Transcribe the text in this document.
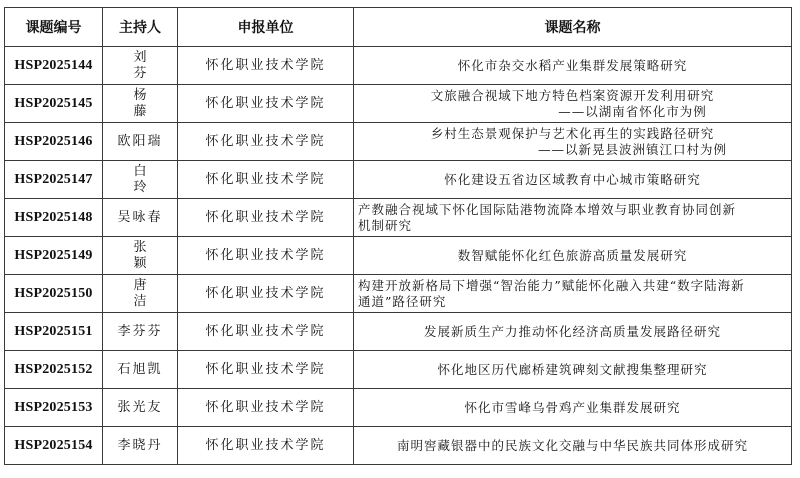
课题编号	主持人	申报单位	课题名称
HSP2025144	刘 芬	怀化职业技术学院	怀化市杂交水稻产业集群发展策略研究

HSP2025145	杨 藤	怀化职业技术学院	文旅融合视域下地方特色档案资源开发利用研究
——以湖南省怀化市为例

HSP2025146	欧阳瑞	怀化职业技术学院	乡村生态景观保护与艺术化再生的实践路径研究
——以新晃县波洲镇江口村为例

HSP2025147	白 玲	怀化职业技术学院	怀化建设五省边区域教育中心城市策略研究

HSP2025148	吴咏春	怀化职业技术学院	产教融合视域下怀化国际陆港物流降本增效与职业教育协同创新
机制研究

HSP2025149	张 颖	怀化职业技术学院	数智赋能怀化红色旅游高质量发展研究

HSP2025150	唐 洁	怀化职业技术学院	构建开放新格局下增强“智治能力”赋能怀化融入共建“数字陆海新
通道”路径研究

HSP2025151	李芬芬	怀化职业技术学院	发展新质生产力推动怀化经济高质量发展路径研究

HSP2025152	石旭凯	怀化职业技术学院	怀化地区历代廊桥建筑碑刻文献搜集整理研究

HSP2025153	张光友	怀化职业技术学院	怀化市雪峰乌骨鸡产业集群发展研究

HSP2025154	李晓丹	怀化职业技术学院	南明窖藏银器中的民族文化交融与中华民族共同体形成研究
